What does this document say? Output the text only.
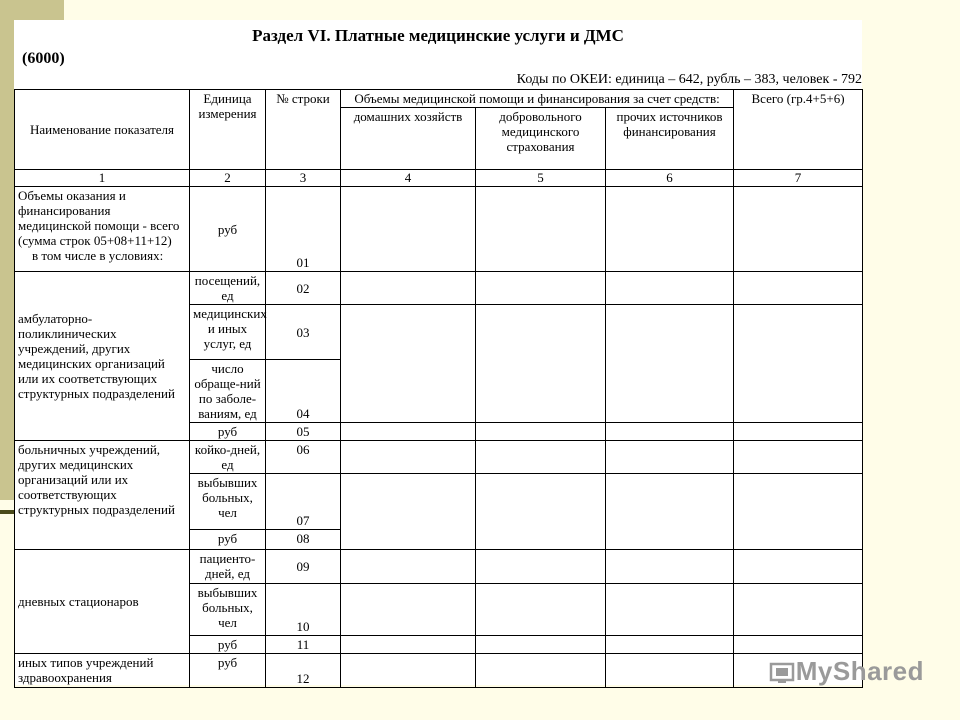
Раздел VI. Платные медицинские услуги и ДМС
(6000)
Коды по ОКЕИ: единица – 642, рубль – 383, человек - 792
Наименование показателя	Единица измерения	№ строки	Объемы медицинской помощи и финансирования за счет средств:			Всего (гр.4+5+6)
			домашних хозяйств	добровольного медицинского страхования	прочих источников финансирования	
1	2	3	4	5	6	7

Объемы оказания и финансирования медицинской помощи - всего (сумма строк 05+08+11+12)
в том числе в условиях:	руб	01				
амбулаторно-поликлинических учреждений, других медицинских организаций или их соответствующих структурных подразделений	посещений, ед	02				
	медицинских и иных услуг, ед	03				
	число обраще-ний по заболе-ваниям, ед	04				
	руб	05				
больничных учреждений, других медицинских организаций или их соответствующих структурных подразделений	койко-дней, ед	06				
	выбывших больных, чел	07				
	руб	08				
дневных стационаров	пациенто-дней, ед	09				
	выбывших больных, чел	10				
	руб	11				
иных типов учреждений здравоохранения	руб	12					MyShared
